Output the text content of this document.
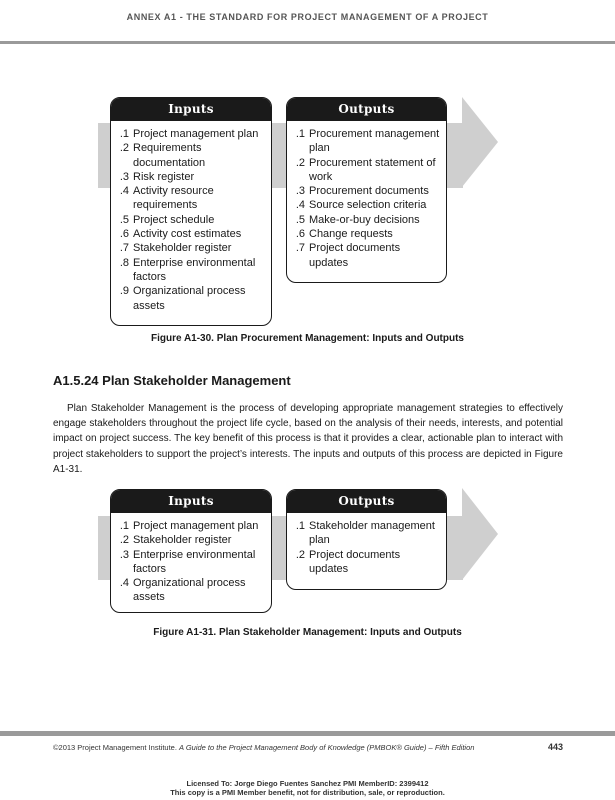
ANNEX A1 - THE STANDARD FOR PROJECT MANAGEMENT OF A PROJECT
Inputs
.1 Project management plan
.2 Requirements documentation
.3 Risk register
.4 Activity resource requirements
.5 Project schedule
.6 Activity cost estimates
.7 Stakeholder register
.8 Enterprise environmental factors
.9 Organizational process assets
Outputs
.1 Procurement management plan
.2 Procurement statement of work
.3 Procurement documents
.4 Source selection criteria
.5 Make-or-buy decisions
.6 Change requests
.7 Project documents updates
Figure A1-30. Plan Procurement Management: Inputs and Outputs
A1.5.24 Plan Stakeholder Management

Plan Stakeholder Management is the process of developing appropriate management strategies to effectively engage stakeholders throughout the project life cycle, based on the analysis of their needs, interests, and potential impact on project success. The key benefit of this process is that it provides a clear, actionable plan to interact with project stakeholders to support the project’s interests. The inputs and outputs of this process are depicted in Figure A1-31.

Inputs
.1 Project management plan
.2 Stakeholder register
.3 Enterprise environmental factors
.4 Organizational process assets
Outputs
.1 Stakeholder management plan
.2 Project documents updates
Figure A1-31. Plan Stakeholder Management: Inputs and Outputs
©2013 Project Management Institute. A Guide to the Project Management Body of Knowledge (PMBOK® Guide) – Fifth Edition	443
Licensed To: Jorge Diego Fuentes Sanchez PMI MemberID: 2399412
This copy is a PMI Member benefit, not for distribution, sale, or reproduction.
